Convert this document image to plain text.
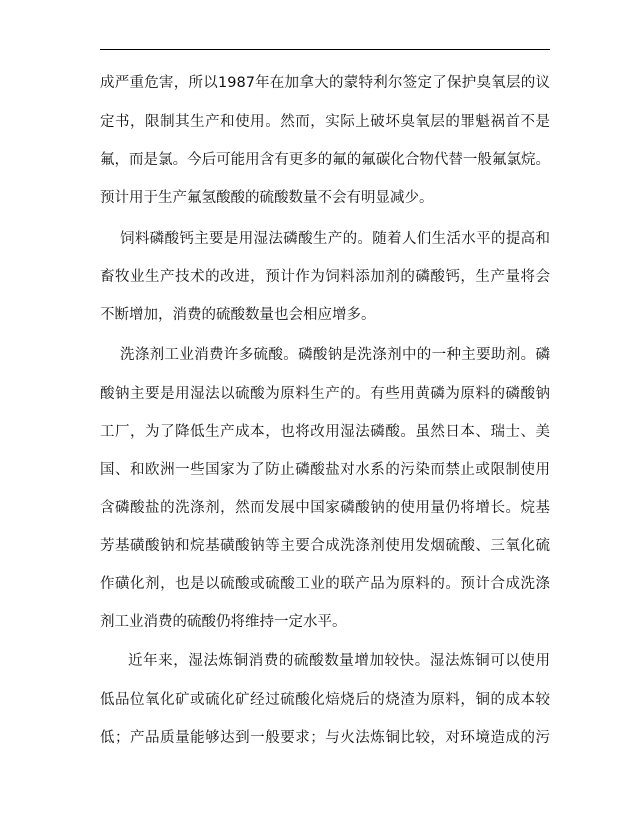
成严重危害，所以1987年在加拿大的蒙特利尔签定了保护臭氧层的议
定书，限制其生产和使用。然而，实际上破坏臭氧层的罪魁祸首不是
氟，而是氯。今后可能用含有更多的氟的氟碳化合物代替一般氟氯烷。
预计用于生产氟氢酸酸的硫酸数量不会有明显减少。
饲料磷酸钙主要是用湿法磷酸生产的。随着人们生活水平的提高和
畜牧业生产技术的改进，预计作为饲料添加剂的磷酸钙，生产量将会
不断增加，消费的硫酸数量也会相应增多。
洗涤剂工业消费许多硫酸。磷酸钠是洗涤剂中的一种主要助剂。磷
酸钠主要是用湿法以硫酸为原料生产的。有些用黄磷为原料的磷酸钠
工厂，为了降低生产成本，也将改用湿法磷酸。虽然日本、瑞士、美
国、和欧洲一些国家为了防止磷酸盐对水系的污染而禁止或限制使用
含磷酸盐的洗涤剂，然而发展中国家磷酸钠的使用量仍将增长。烷基
芳基磺酸钠和烷基磺酸钠等主要合成洗涤剂使用发烟硫酸、三氧化硫
作磺化剂，也是以硫酸或硫酸工业的联产品为原料的。预计合成洗涤
剂工业消费的硫酸仍将维持一定水平。
近年来，湿法炼铜消费的硫酸数量增加较快。湿法炼铜可以使用
低品位氧化矿或硫化矿经过硫酸化焙烧后的烧渣为原料，铜的成本较
低；产品质量能够达到一般要求；与火法炼铜比较，对环境造成的污
